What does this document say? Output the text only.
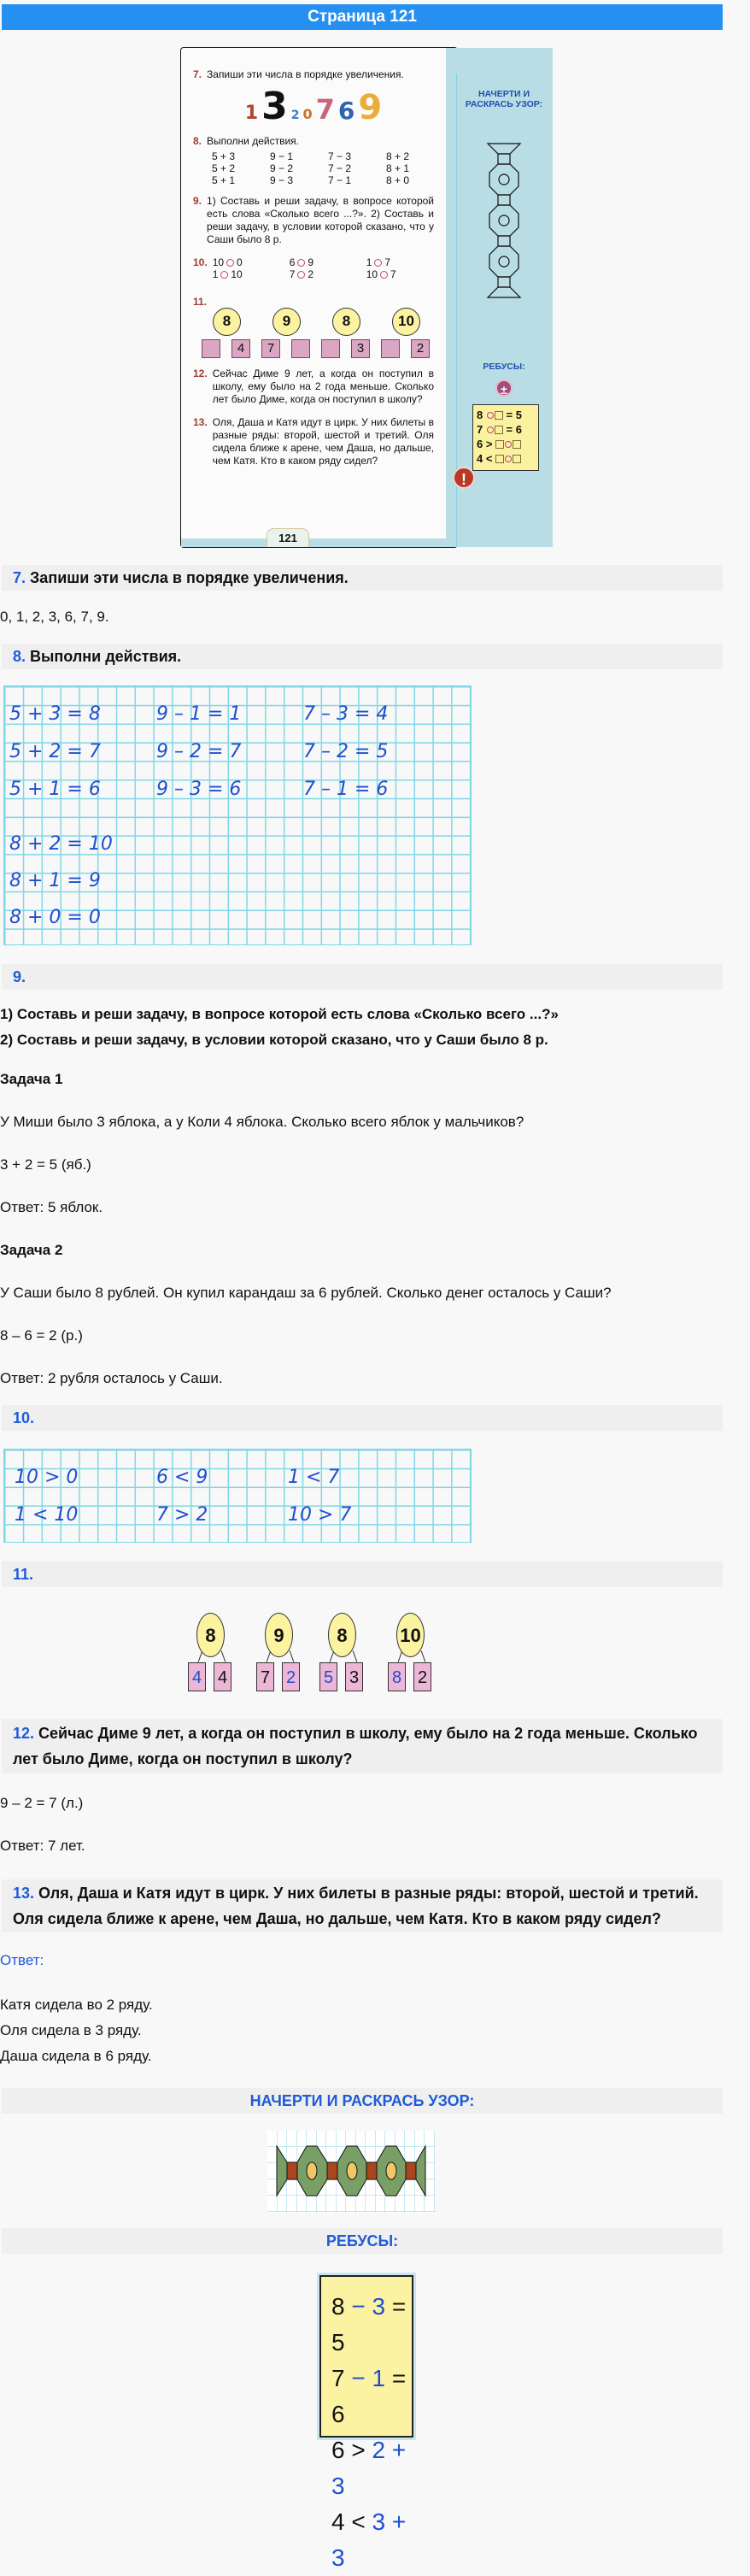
Страница 121
НАЧЕРТИ И РАСКРАСЬ УЗОР:
РЕБУСЫ:
±
8 = 5
7 = 6
6 >
4 <
!
7. Запиши эти числа в порядке увеличения.
13 2 0 7 6 9
8. Выполни действия.
5 + 3	9 − 1	7 − 3	8 + 2
5 + 2	9 − 2	7 − 2	8 + 1
5 + 1	9 − 3	7 − 1	8 + 0
9. 1) Составь и реши задачу, в вопросе которой есть слова «Сколько всего ...?». 2) Составь и реши задачу, в условии которой сказано, что у Саши было 8 р.
10. 10 0	6 9	1 7
1 10	7 2	10 7
11.
8
4
9
7
8
3
10
2
12. Сейчас Диме 9 лет, а когда он поступил в школу, ему было на 2 года меньше. Сколько лет было Диме, когда он поступил в школу?
13. Оля, Даша и Катя идут в цирк. У них билеты в разные ряды: второй, шестой и третий. Оля сидела ближе к арене, чем Даша, но дальше, чем Катя. Кто в каком ряду сидел?
121
7. Запиши эти числа в порядке увеличения.

0, 1, 2, 3, 6, 7, 9.

8. Выполни действия.
5 + 3 = 8	9 – 1 = 1	7 – 3 = 4
5 + 2 = 7	9 – 2 = 7	7 – 2 = 5
5 + 1 = 6	9 – 3 = 6	7 – 1 = 6
8 + 2 = 10
8 + 1 = 9
8 + 0 = 0
9.

1) Составь и реши задачу, в вопросе которой есть слова «Сколько всего ...?»

2) Составь и реши задачу, в условии которой сказано, что у Саши было 8 р.

Задача 1

У Миши было 3 яблока, а у Коли 4 яблока. Сколько всего яблок у мальчиков?

3 + 2 = 5 (яб.)

Ответ: 5 яблок.

Задача 2

У Саши было 8 рублей. Он купил карандаш за 6 рублей. Сколько денег осталось у Саши?

8 – 6 = 2 (р.)

Ответ: 2 рубля осталось у Саши.

10.
10 > 0	6 < 9	1 < 7
1 < 10	7 > 2	10 > 7
11.
8
4 4
9
7 2
8
5 3
10
8 2
12. Сейчас Диме 9 лет, а когда он поступил в школу, ему было на 2 года меньше. Сколько лет было Диме, когда он поступил в школу?

9 – 2 = 7 (л.)

Ответ: 7 лет.

13. Оля, Даша и Катя идут в цирк. У них билеты в разные ряды: второй, шестой и третий. Оля сидела ближе к арене, чем Даша, но дальше, чем Катя. Кто в каком ряду сидел?

Ответ:

Катя сидела во 2 ряду.

Оля сидела в 3 ряду.

Даша сидела в 6 ряду.

НАЧЕРТИ И РАСКРАСЬ УЗОР:
РЕБУСЫ:
8 − 3 = 5
7 − 1 = 6
6 > 2 + 3
4 < 3 + 3
